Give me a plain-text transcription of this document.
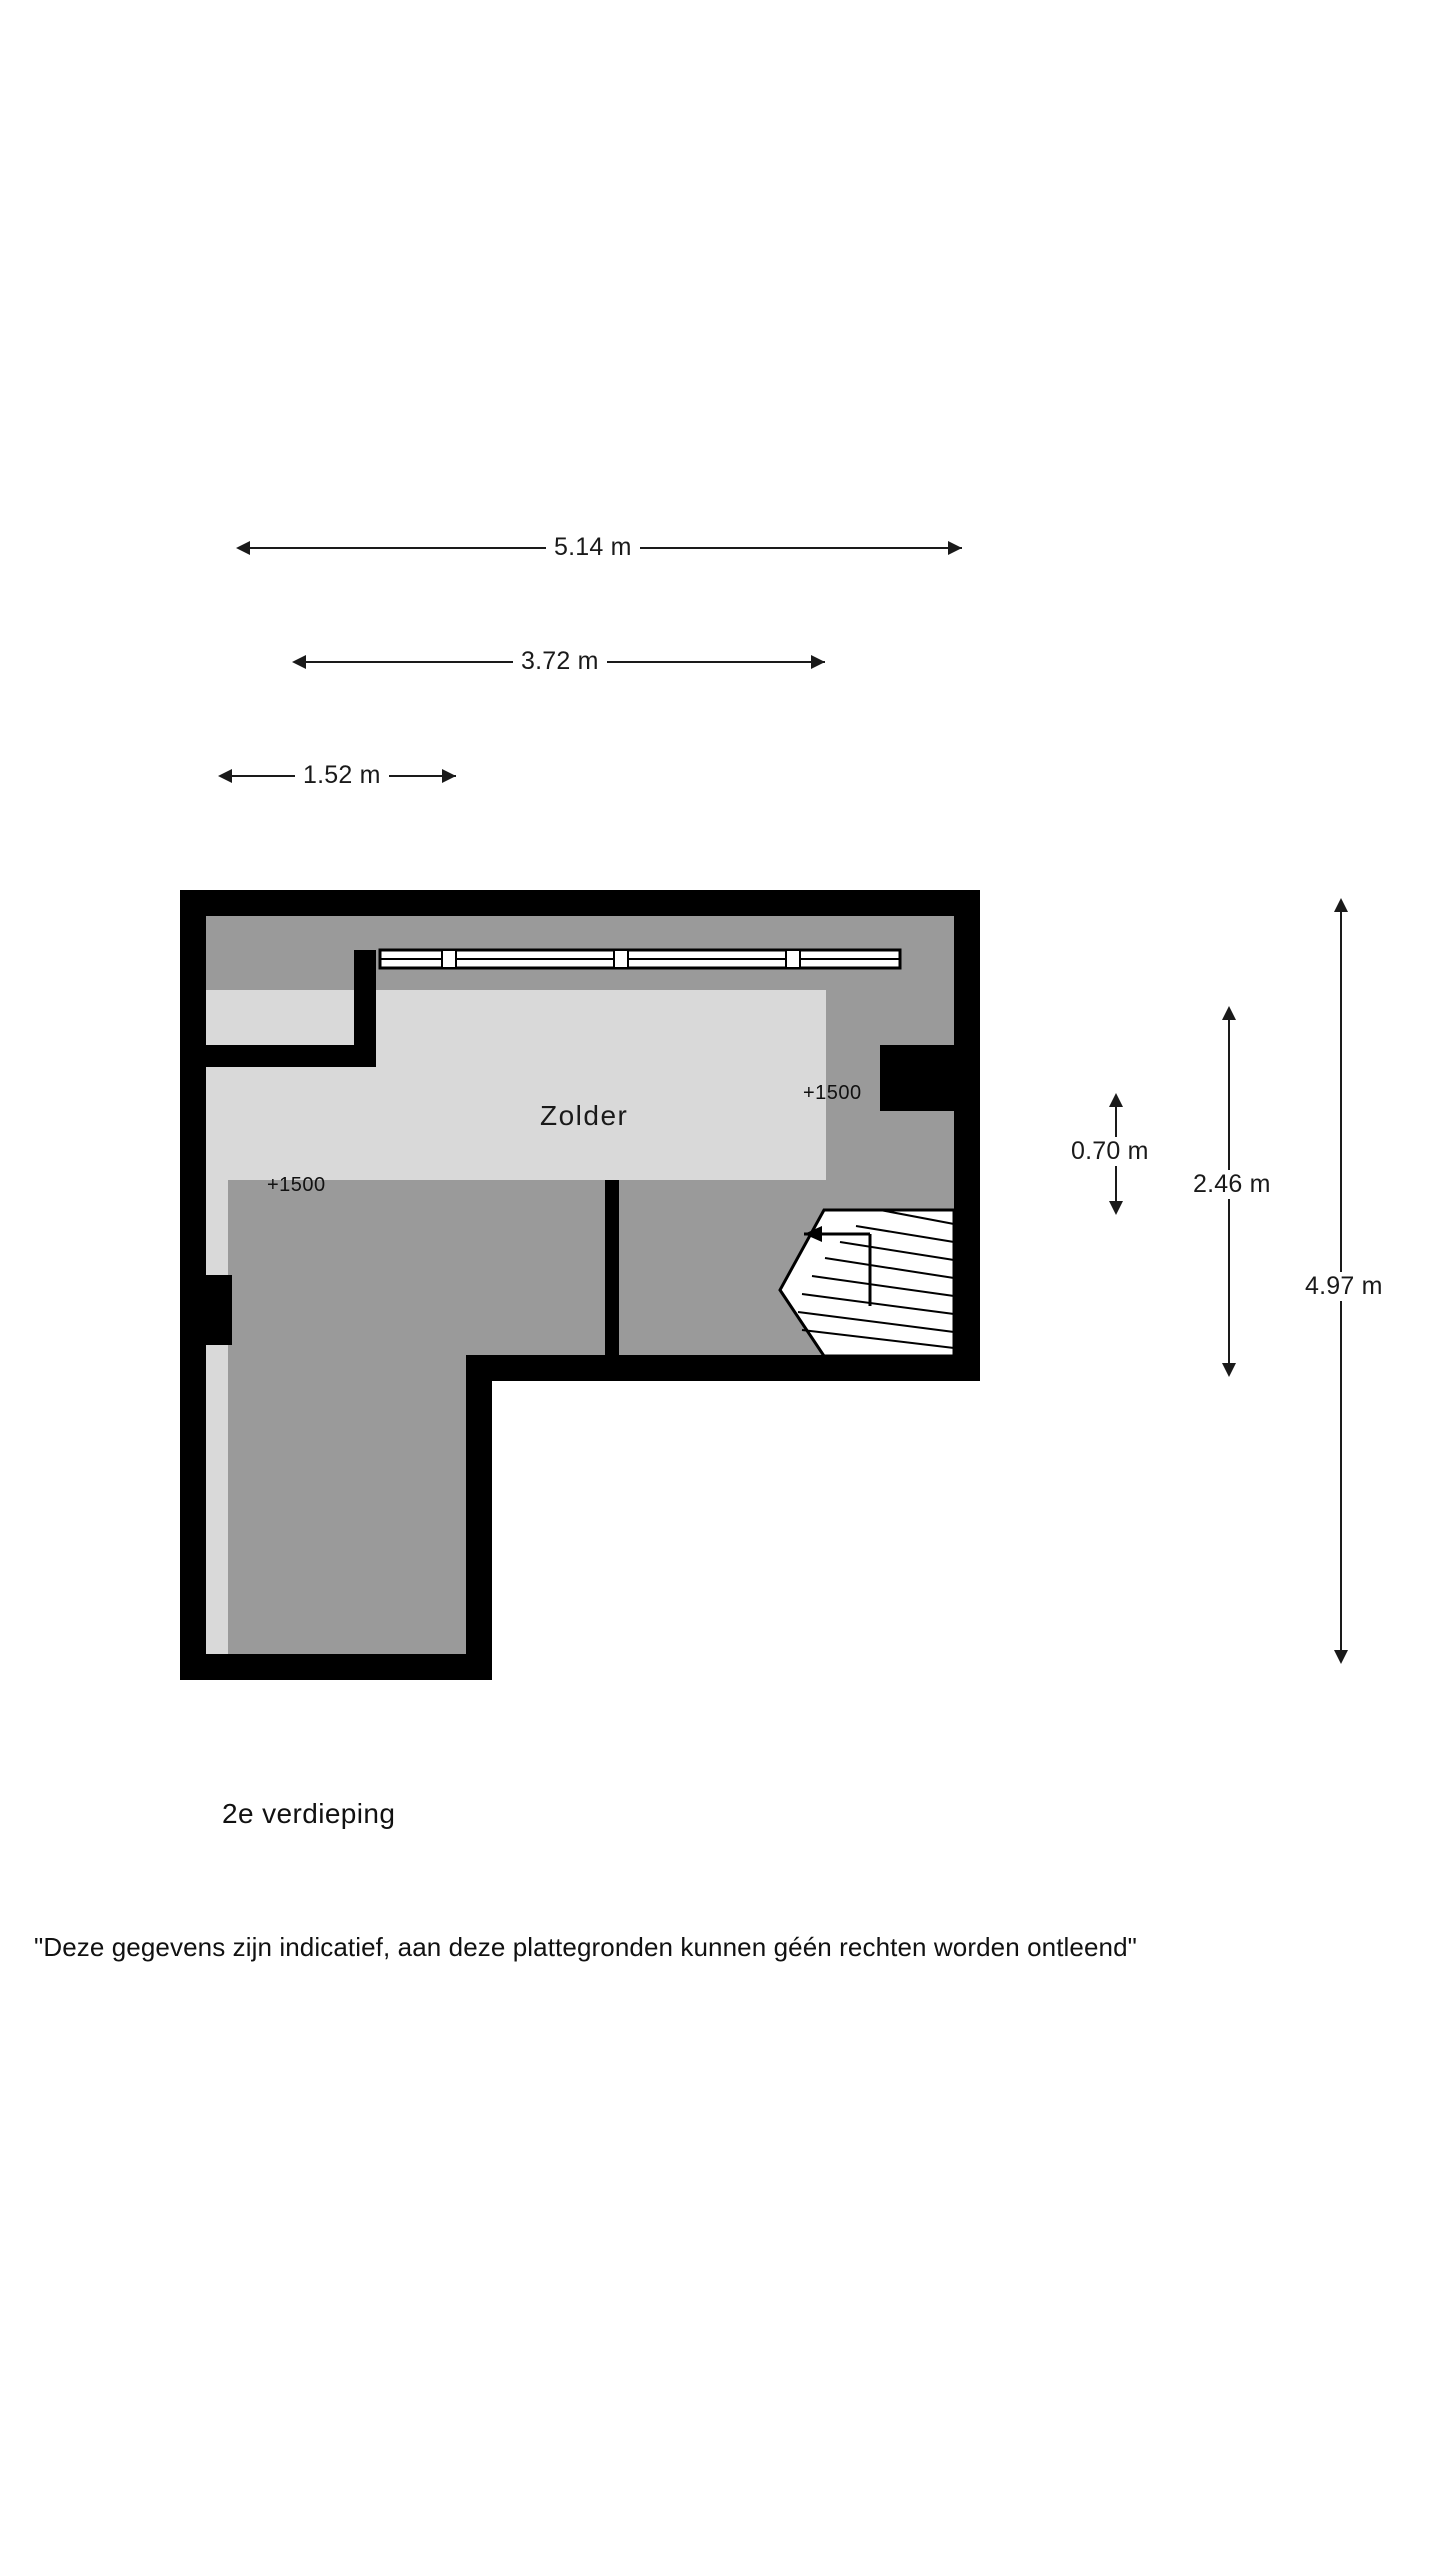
5.14 m
3.72 m
1.52 m
4.97 m
2.46 m
0.70 m
Zolder
+1500
+1500
2e verdieping
"Deze gegevens zijn indicatief, aan deze plattegronden kunnen géén rechten worden ontleend"
